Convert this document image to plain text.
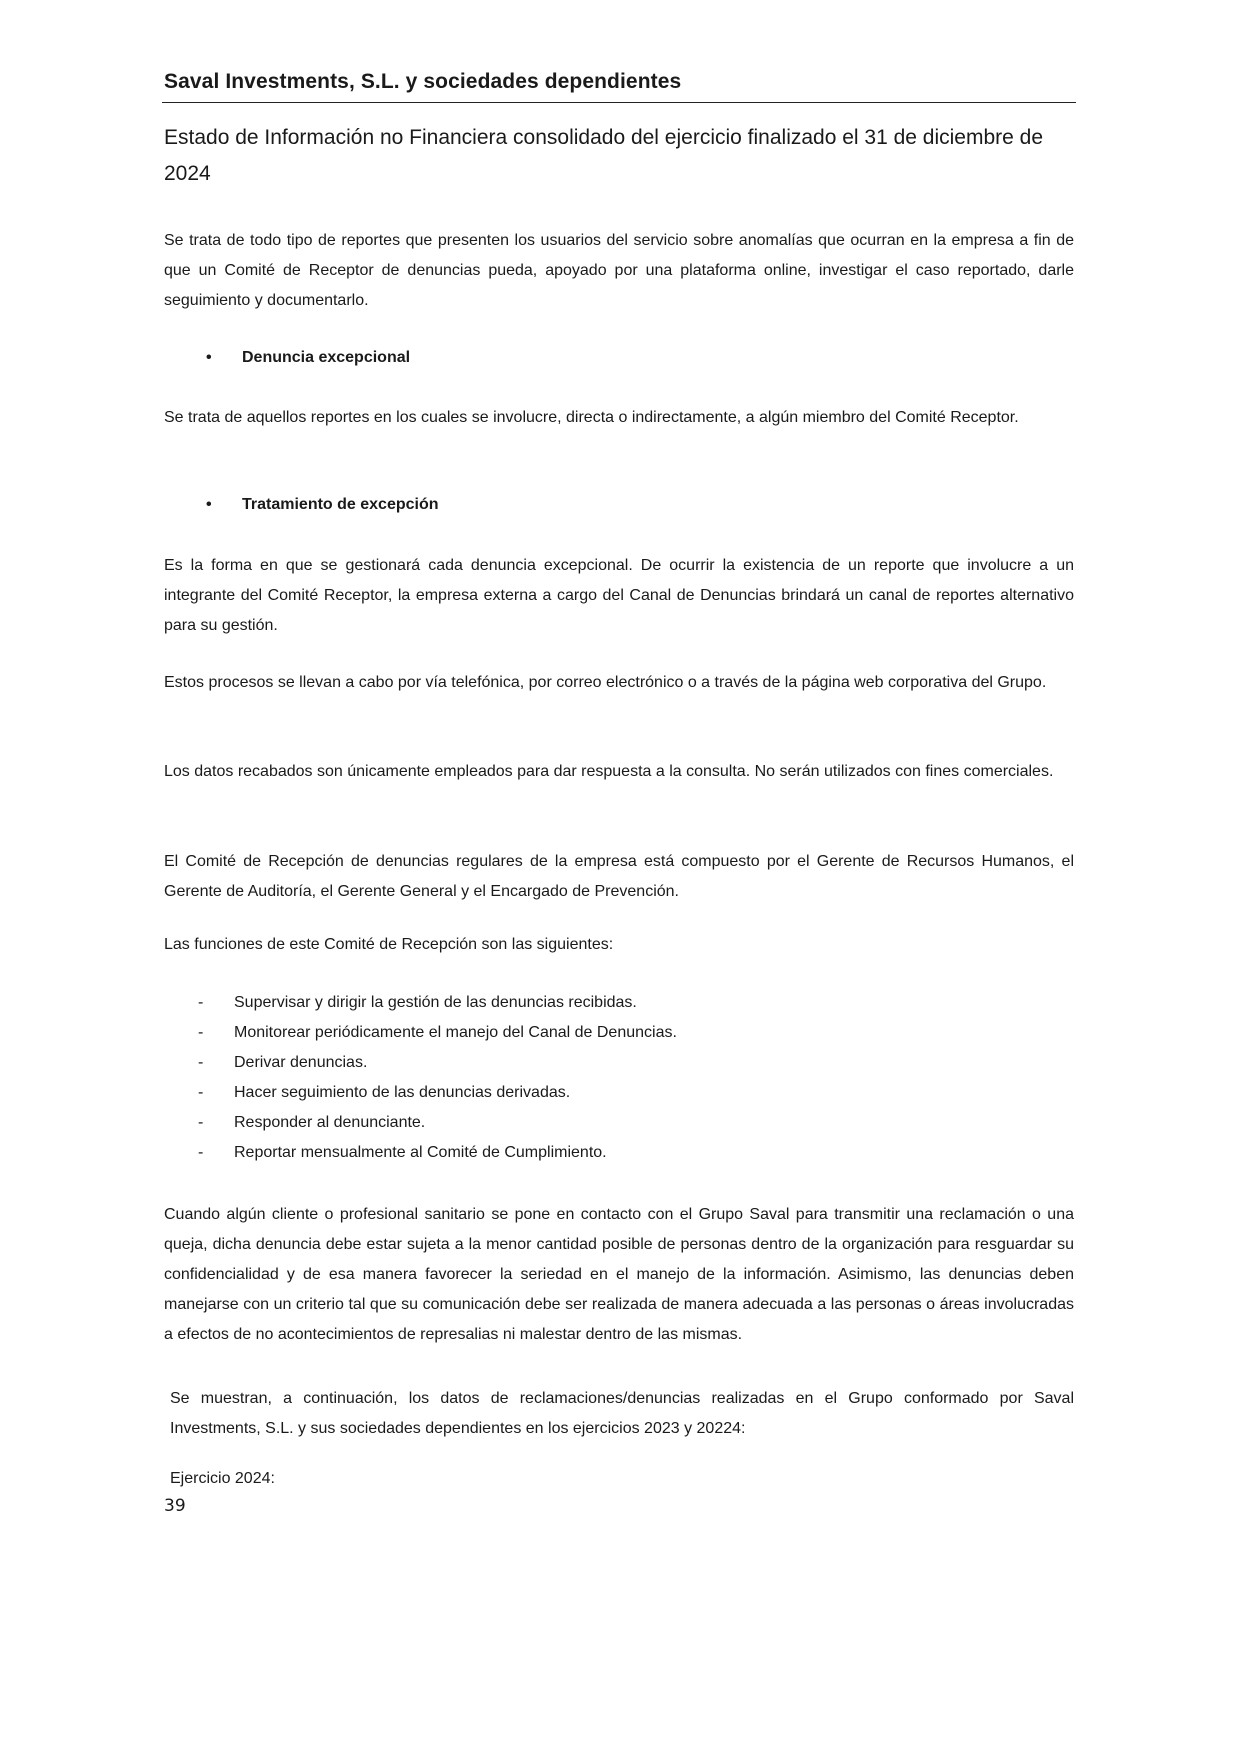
Saval Investments, S.L. y sociedades dependientes
Estado de Información no Financiera consolidado del ejercicio finalizado el 31 de diciembre de 2024

Se trata de todo tipo de reportes que presenten los usuarios del servicio sobre anomalías que ocurran en la empresa a fin de que un Comité de Receptor de denuncias pueda, apoyado por una plataforma online, investigar el caso reportado, darle seguimiento y documentarlo.

• Denuncia excepcional

Se trata de aquellos reportes en los cuales se involucre, directa o indirectamente, a algún miembro del Comité Receptor.

• Tratamiento de excepción

Es la forma en que se gestionará cada denuncia excepcional. De ocurrir la existencia de un reporte que involucre a un integrante del Comité Receptor, la empresa externa a cargo del Canal de Denuncias brindará un canal de reportes alternativo para su gestión.

Estos procesos se llevan a cabo por vía telefónica, por correo electrónico o a través de la página web corporativa del Grupo.

Los datos recabados son únicamente empleados para dar respuesta a la consulta. No serán utilizados con fines comerciales.

El Comité de Recepción de denuncias regulares de la empresa está compuesto por el Gerente de Recursos Humanos, el Gerente de Auditoría, el Gerente General y el Encargado de Prevención.

Las funciones de este Comité de Recepción son las siguientes:

- Supervisar y dirigir la gestión de las denuncias recibidas.
- Monitorear periódicamente el manejo del Canal de Denuncias.
- Derivar denuncias.
- Hacer seguimiento de las denuncias derivadas.
- Responder al denunciante.
- Reportar mensualmente al Comité de Cumplimiento.

Cuando algún cliente o profesional sanitario se pone en contacto con el Grupo Saval para transmitir una reclamación o una queja, dicha denuncia debe estar sujeta a la menor cantidad posible de personas dentro de la organización para resguardar su confidencialidad y de esa manera favorecer la seriedad en el manejo de la información. Asimismo, las denuncias deben manejarse con un criterio tal que su comunicación debe ser realizada de manera adecuada a las personas o áreas involucradas a efectos de no acontecimientos de represalias ni malestar dentro de las mismas.

Se muestran, a continuación, los datos de reclamaciones/denuncias realizadas en el Grupo conformado por Saval Investments, S.L. y sus sociedades dependientes en los ejercicios 2023 y 20224:

Ejercicio 2024:

39
